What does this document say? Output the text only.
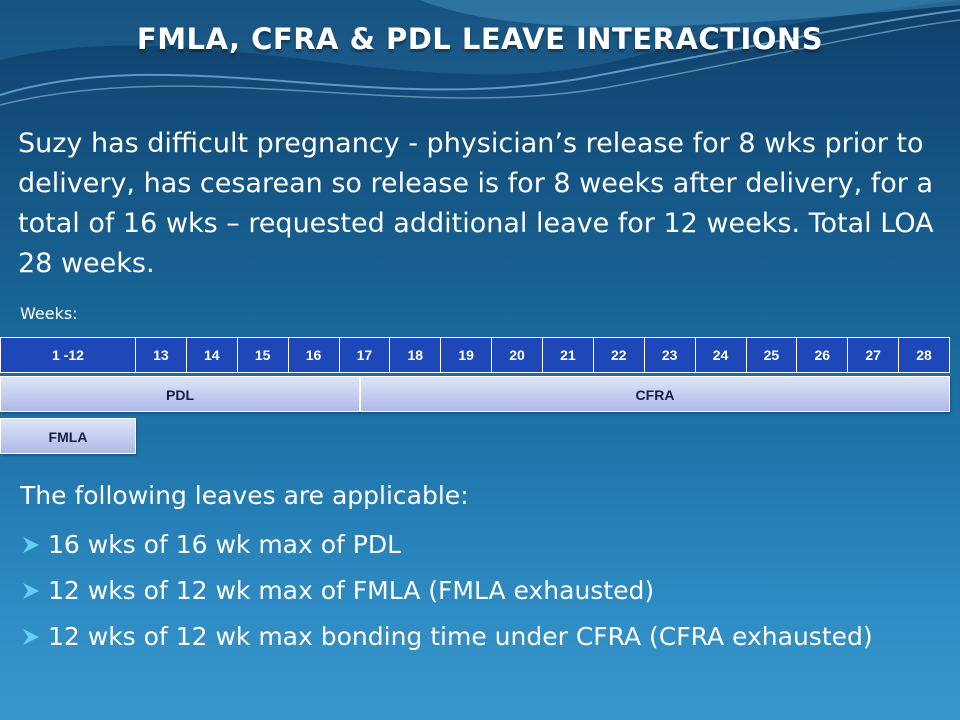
FMLA, CFRA & PDL LEAVE INTERACTIONS
Suzy has difficult pregnancy - physician’s release for 8 wks prior to delivery, has cesarean so release is for 8 weeks after delivery, for a total of 16 wks – requested additional leave for 12 weeks. Total LOA 28 weeks.
Weeks:
1 -12	13	14	15	16	17	18	19	20	21	22	23	24	25	26	27	28
PDL	CFRA
FMLA
The following leaves are applicable:
16 wks of 16 wk max of PDL
12 wks of 12 wk max of FMLA (FMLA exhausted)
12 wks of 12 wk max bonding time under CFRA (CFRA exhausted)
